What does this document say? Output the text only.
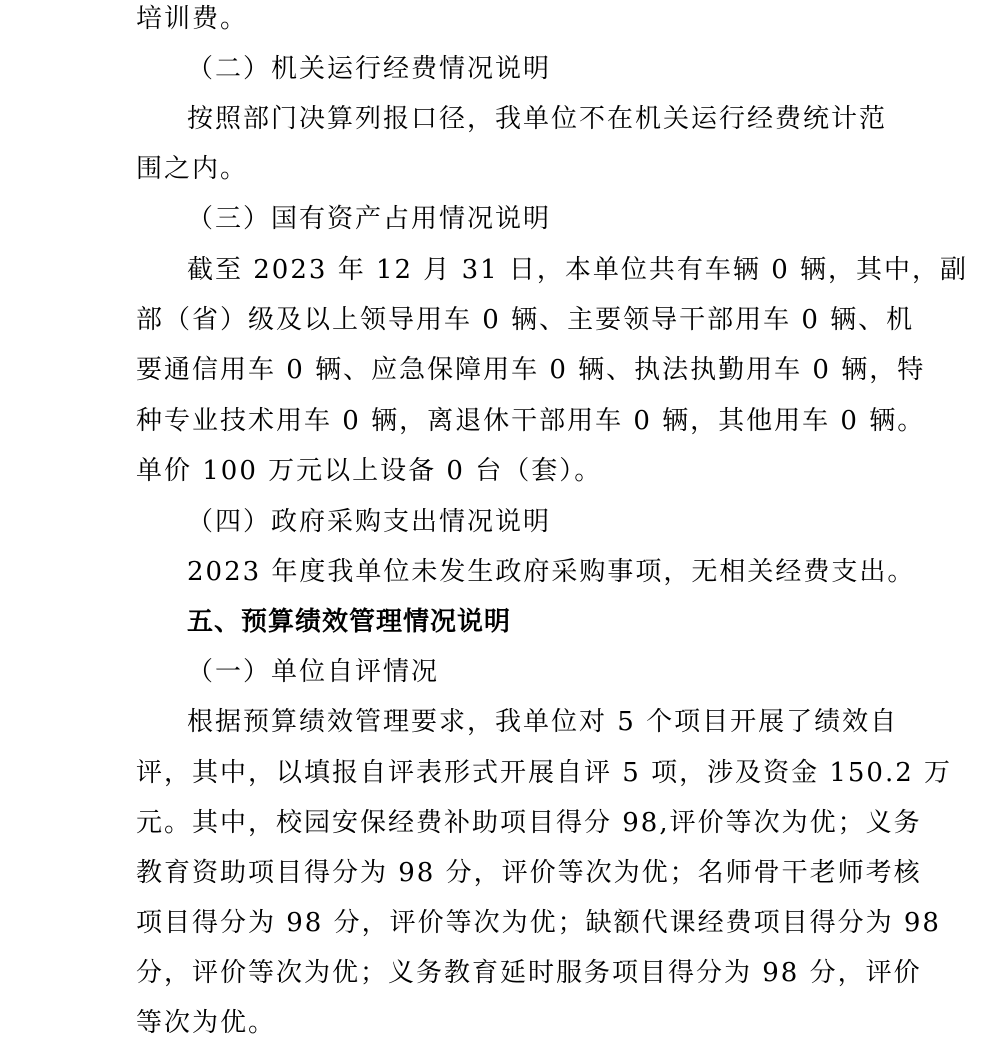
培训费。

（二）机关运行经费情况说明

按照部门决算列报口径，我单位不在机关运行经费统计范

围之内。

（三）国有资产占用情况说明

截至 2023 年 12 月 31 日，本单位共有车辆 0 辆，其中，副

部（省）级及以上领导用车 0 辆、主要领导干部用车 0 辆、机

要通信用车 0 辆、应急保障用车 0 辆、执法执勤用车 0 辆，特

种专业技术用车 0 辆，离退休干部用车 0 辆，其他用车 0 辆。

单价 100 万元以上设备 0 台（套）。

（四）政府采购支出情况说明

2023 年度我单位未发生政府采购事项，无相关经费支出。

五、预算绩效管理情况说明

（一）单位自评情况

根据预算绩效管理要求，我单位对 5 个项目开展了绩效自

评，其中，以填报自评表形式开展自评 5 项，涉及资金 150.2 万

元。其中，校园安保经费补助项目得分 98,评价等次为优；义务

教育资助项目得分为 98 分，评价等次为优；名师骨干老师考核

项目得分为 98 分，评价等次为优；缺额代课经费项目得分为 98

分，评价等次为优；义务教育延时服务项目得分为 98 分，评价

等次为优。
